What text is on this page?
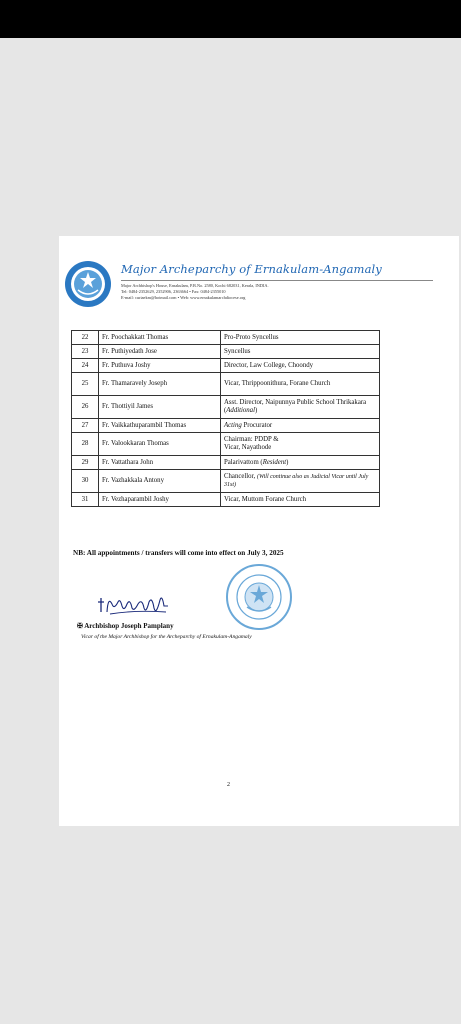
Major Archeparchy of Ernakulam-Angamaly
Major Archbishop's House, Ernakulam, P.B.No. 2580, Kochi 682031, Kerala, INDIA.
Tel: 0484-2352629, 2352906, 2363664 • Fax: 0484-2355010
E-mail: curiaekm@hotmail.com • Web: www.ernakulamarchdiocese.org
22	Fr. Poochakkatt Thomas	Pro-Proto Syncellus
23	Fr. Puthiyedath Jose	Syncellus
24	Fr. Puthuva Joshy	Director, Law College, Choondy
25	Fr. Thamaravely Joseph	Vicar, Thrippoonithura, Forane Church
26	Fr. Thottiyil James	Asst. Director, Naipunnya Public School Thrikakara (Additional)
27	Fr. Vaikkathuparambil Thomas	Acting Procurator
28	Fr. Valookkaran Thomas	Chairman: PDDP &
Vicar, Nayathode

29	Fr. Vattathara John	Palarivattom (Resident)
30	Fr. Vazhakkala Antony	Chancellor, (Will continue also as Judicial Vicar until July 31st)
31	Fr. Vezhaparambil Joshy	Vicar, Muttom Forane Church
NB: All appointments / transfers will come into effect on July 3, 2025
✠ Archbishop Joseph Pamplany
Vicar of the Major Archbishop for the Archeparchy of Ernakulam-Angamaly
2
